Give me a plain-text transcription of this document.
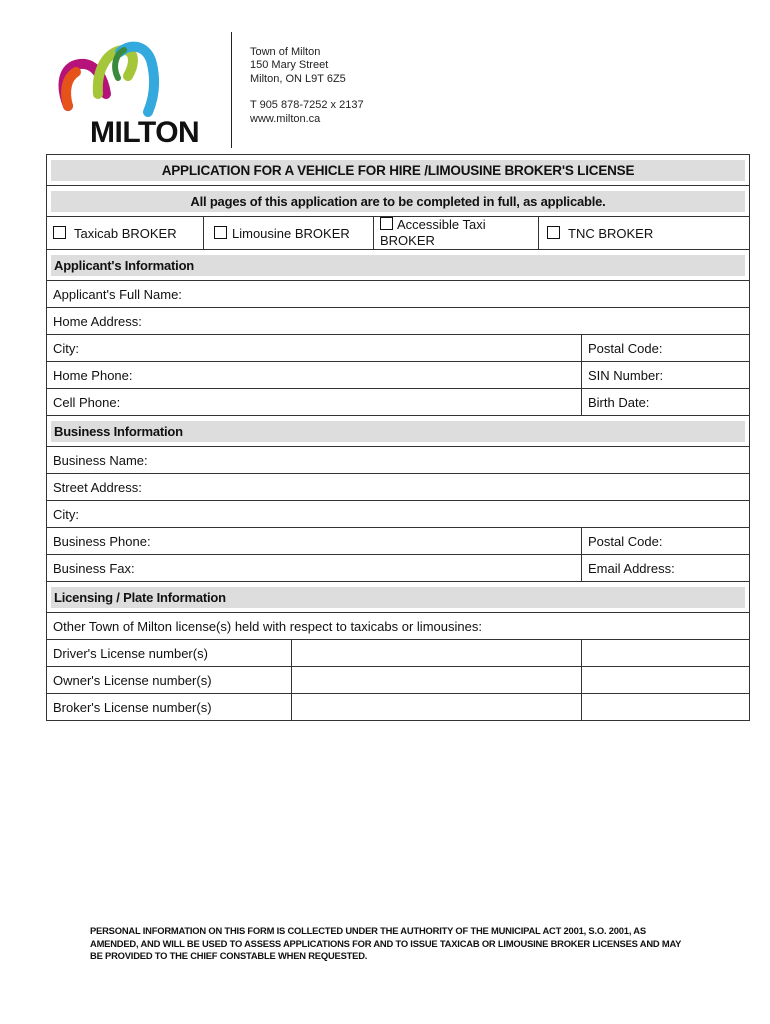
MILTON
Town of Milton
150 Mary Street
Milton, ON L9T 6Z5
T 905 878-7252 x 2137
www.milton.ca
APPLICATION FOR A VEHICLE FOR HIRE /LIMOUSINE BROKER'S LICENSE					

All pages of this application are to be completed in full, as applicable.					

Taxicab BROKER	Limousine BROKER		Accessible Taxi BROKER	TNC BROKER	

Applicant's Information					

Applicant's Full Name:					
Home Address:					
City:					Postal Code:
Home Phone:					SIN Number:
Cell Phone:					Birth Date:

Business Information					

Business Name:					
Street Address:					
City:					
Business Phone:					Postal Code:
Business Fax:					Email Address:

Licensing / Plate Information					

Other Town of Milton license(s) held with respect to taxicabs or limousines:					
Driver's License number(s)					
Owner's License number(s)					
Broker's License number(s)					
PERSONAL INFORMATION ON THIS FORM IS COLLECTED UNDER THE AUTHORITY OF THE MUNICIPAL ACT 2001, S.O. 2001, AS AMENDED, AND WILL BE USED TO ASSESS APPLICATIONS FOR AND TO ISSUE TAXICAB OR LIMOUSINE BROKER LICENSES AND MAY BE PROVIDED TO THE CHIEF CONSTABLE WHEN REQUESTED.
